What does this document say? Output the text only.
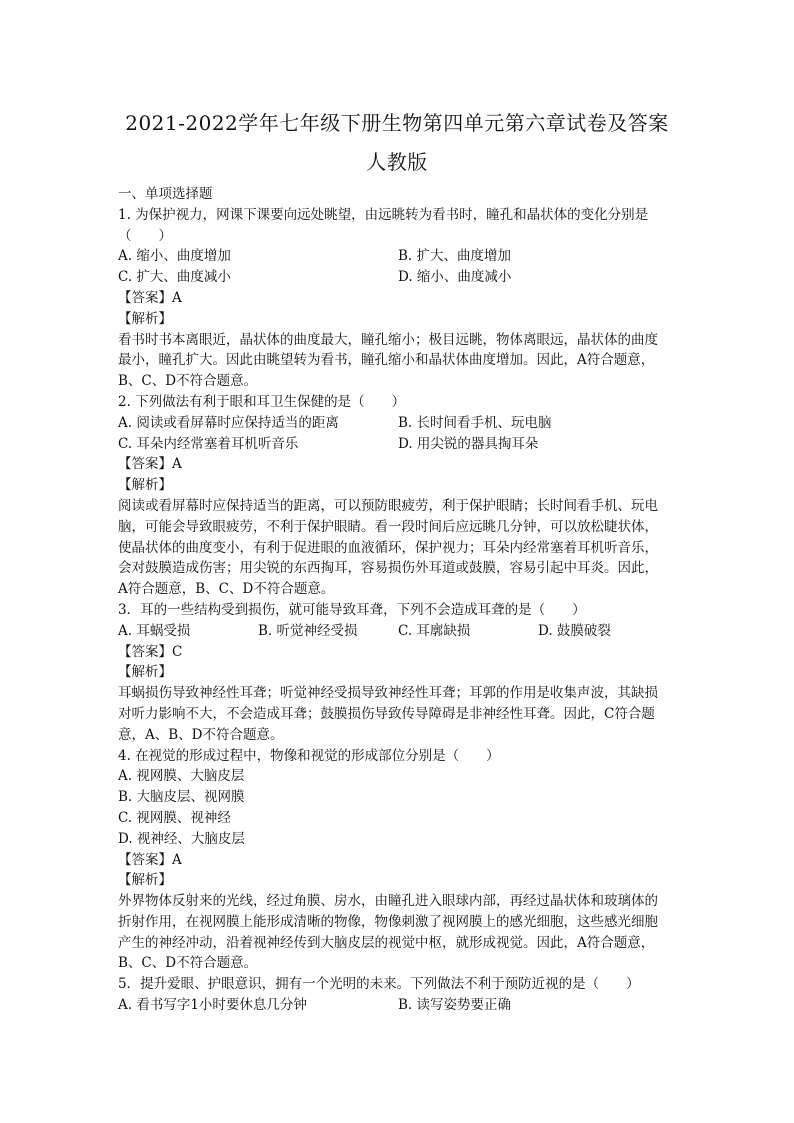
2021-2022学年七年级下册生物第四单元第六章试卷及答案
人教版
一、单项选择题
1. 为保护视力，网课下课要向远处眺望，由远眺转为看书时，瞳孔和晶状体的变化分别是
（　　）
A. 缩小、曲度增加	B. 扩大、曲度增加
C. 扩大、曲度减小	D. 缩小、曲度减小
【答案】A
【解析】
看书时书本离眼近，晶状体的曲度最大，瞳孔缩小；极目远眺，物体离眼远，晶状体的曲度
最小，瞳孔扩大。因此由眺望转为看书，瞳孔缩小和晶状体曲度增加。因此，A符合题意，
B、C、D不符合题意。
2. 下列做法有利于眼和耳卫生保健的是（　　）
A. 阅读或看屏幕时应保持适当的距离	B. 长时间看手机、玩电脑
C. 耳朵内经常塞着耳机听音乐	D. 用尖锐的器具掏耳朵
【答案】A
【解析】
阅读或看屏幕时应保持适当的距离，可以预防眼疲劳，利于保护眼睛；长时间看手机、玩电
脑，可能会导致眼疲劳，不利于保护眼睛。看一段时间后应远眺几分钟，可以放松睫状体，
使晶状体的曲度变小，有利于促进眼的血液循环，保护视力；耳朵内经常塞着耳机听音乐，
会对鼓膜造成伤害；用尖锐的东西掏耳，容易损伤外耳道或鼓膜，容易引起中耳炎。因此，
A符合题意，B、C、D不符合题意。
3．耳的一些结构受到损伤，就可能导致耳聋，下列不会造成耳聋的是（　　）
A. 耳蜗受损	B. 听觉神经受损	C. 耳廓缺损	D. 鼓膜破裂
【答案】C
【解析】
耳蜗损伤导致神经性耳聋；听觉神经受损导致神经性耳聋；耳郭的作用是收集声波，其缺损
对听力影响不大，不会造成耳聋；鼓膜损伤导致传导障碍是非神经性耳聋。因此，C符合题
意，A、B、D不符合题意。
4. 在视觉的形成过程中，物像和视觉的形成部位分别是（　　）
A. 视网膜、大脑皮层
B. 大脑皮层、视网膜
C. 视网膜、视神经
D. 视神经、大脑皮层
【答案】A
【解析】
外界物体反射来的光线，经过角膜、房水，由瞳孔进入眼球内部，再经过晶状体和玻璃体的
折射作用，在视网膜上能形成清晰的物像，物像刺激了视网膜上的感光细胞，这些感光细胞
产生的神经冲动，沿着视神经传到大脑皮层的视觉中枢，就形成视觉。因此，A符合题意，
B、C、D不符合题意。
5．提升爱眼、护眼意识，拥有一个光明的未来。下列做法不利于预防近视的是（　　）
A. 看书写字1小时要休息几分钟	B. 读写姿势要正确
